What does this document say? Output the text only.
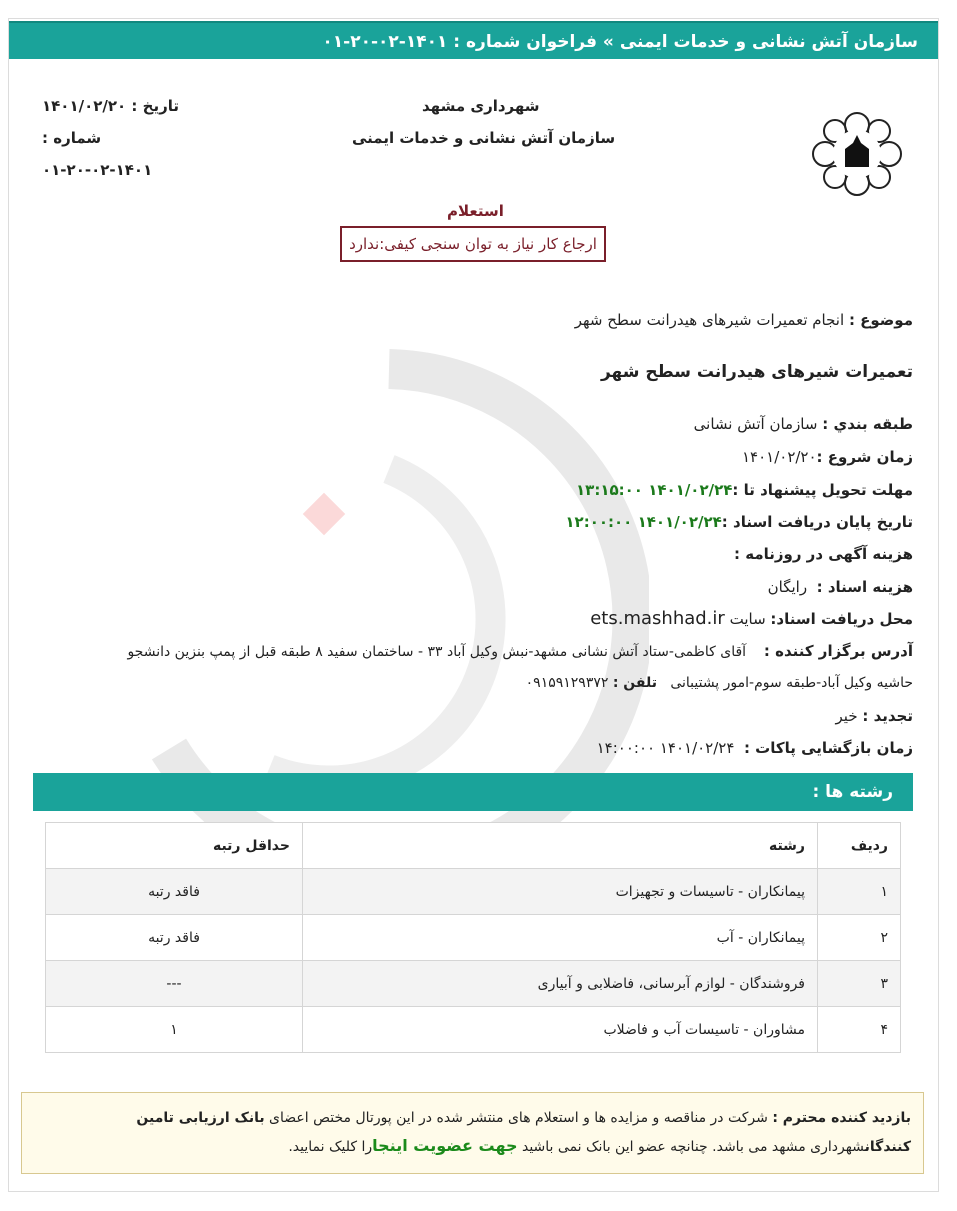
سازمان آتش نشانی و خدمات ایمنی » فراخوان شماره : ۱۴۰۱-۰۲-۲۰-۰۱
شهرداری مشهد
سازمان آتش نشانی و خدمات ایمنی
تاریخ : ۱۴۰۱/۰۲/۲۰
شماره :
۰۱-۲۰-۰۲-۱۴۰۱
استعلام
ارجاع کار نیاز به توان سنجی کیفی:ندارد
موضوع : انجام تعمیرات شیرهای هیدرانت سطح شهر
تعمیرات شیرهای هیدرانت سطح شهر
طبقه بندي : سازمان آتش نشانی
زمان شروع :۱۴۰۱/۰۲/۲۰
مهلت تحویل پیشنهاد تا :۱۴۰۱/۰۲/۲۴ ۱۳:۱۵:۰۰
تاریخ پایان دریافت اسناد :۱۴۰۱/۰۲/۲۴ ۱۲:۰۰:۰۰
هزینه آگهی در روزنامه :
هزینه اسناد :  رایگان
محل دریافت اسناد: سایت ets.mashhad.ir
آدرس برگزار کننده :    آقای کاظمی-ستاد آتش نشانی مشهد-نبش وکیل آباد ۳۳ - ساختمان سفید ۸ طبقه قبل از پمپ بنزین دانشجو
حاشیه وکیل آباد-طبقه سوم-امور پشتیبانی   تلفن : ۰۹۱۵۹۱۲۹۳۷۲
تجدید : خیر
زمان بازگشایی پاکات :  ۱۴۰۱/۰۲/۲۴ ۱۴:۰۰:۰۰
رشته ها :
ردیف	رشته	حداقل رتبه
۱	پیمانکاران - تاسیسات و تجهیزات	فاقد رتبه
۲	پیمانکاران - آب	فاقد رتبه
۳	فروشندگان - لوازم آبرسانی، فاضلابی و آبیاری	---
۴	مشاوران - تاسیسات آب و فاضلاب	۱
بازدید کننده محترم : شرکت در مناقصه و مزایده ها و استعلام های منتشر شده در این پورتال مختص اعضای بانک ارزیابی تامین کنندگانشهرداری مشهد می باشد. چنانچه عضو این بانک نمی باشید جهت عضویت اینجارا کلیک نمایید.
